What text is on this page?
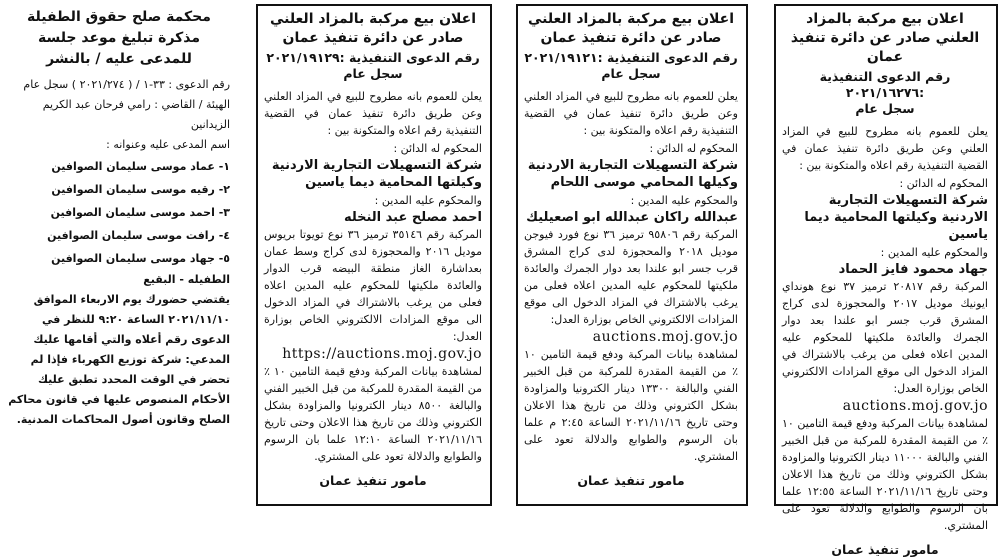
محكمة صلح حقوق الطفيلة
مذكرة تبليغ موعد جلسة
للمدعى عليه / بالنشر
رقم الدعوى : ٣٣-١ / ( ٢٠٢١/٢٧٤ ) سجل عام
الهيئة / القاضي : رامي فرحان عبد الكريم الزيدانين
اسم المدعى عليه وعنوانه :
١- عماد موسى سليمان الصوافين
٢- رقيه موسى سليمان الصوافين
٣- احمد موسى سليمان الصوافين
٤- رافت موسى سليمان الصوافين
٥- جهاد موسى سليمان الصوافين
الطفيله - البقيع
يقتضي حضورك يوم الاربعاء الموافق ٢٠٢١/١١/١٠ الساعة ٩:٢٠ للنظر في الدعوى رقم أعلاه والتي أقامها عليك المدعي: شركة توزيع الكهرباء فإذا لم تحضر في الوقت المحدد تطبق عليك الأحكام المنصوص عليها في قانون محاكم الصلح وقانون أصول المحاكمات المدنية.
اعلان بيع مركبة بالمزاد العلني صادر عن دائرة تنفيذ عمان
رقم الدعوى التنفيذية :٢٠٢١/١٩١٢٩
سجل عام

يعلن للعموم بانه مطروح للبيع في المزاد العلني وعن طريق دائرة تنفيذ عمان في القضية التنفيذية رقم اعلاه والمتكونة بين :

المحكوم له الدائن :
شركة التسهيلات التجارية الاردنية وكيلتها المحامية ديما ياسين
والمحكوم عليه المدين :
احمد مصلح عبد النخله

المركبة رقم ٣٥١٤٦ ترميز ٣٦ نوع تويوتا بريوس موديل ٢٠١٦ والمحجوزة لدى كراج وسط عمان بعداشارة الغاز منطقة البيضه قرب الدوار والعائدة ملكيتها للمحكوم عليه المدين اعلاه فعلى من يرغب بالاشتراك في المزاد الدخول الى موقع المزادات الالكتروني الخاص بوزارة العدل:

https://auctions.moj.gov.jo

لمشاهدة بيانات المركبة ودفع قيمة التامين ١٠ ٪ من القيمة المقدرة للمركبة من قبل الخبير الفني والبالغة ٨٥٠٠ دينار الكترونيا والمزاودة بشكل الكتروني وذلك من تاريخ هذا الاعلان وحتى تاريخ ٢٠٢١/١١/١٦ الساعة ١٢:١٠ علما بان الرسوم والطوابع والدلالة تعود على المشتري.

مامور تنفيذ عمان
اعلان بيع مركبة بالمزاد العلني صادر عن دائرة تنفيذ عمان
رقم الدعوى التنفيذية :٢٠٢١/١٩١٢١
سجل عام

يعلن للعموم بانه مطروح للبيع في المزاد العلني وعن طريق دائرة تنفيذ عمان في القضية التنفيذية رقم اعلاه والمتكونة بين :

المحكوم له الدائن :
شركة التسهيلات التجارية الاردنية وكيلها المحامي موسى اللحام
والمحكوم عليه المدين :
عبدالله راكان عبدالله ابو اصعيليك

المركبة رقم ٩٥٨٠٦ ترميز ٣٦ نوع فورد فيوجن موديل ٢٠١٨ والمحجوزة لدى كراج المشرق قرب جسر ابو علندا بعد دوار الجمرك والعائدة ملكيتها للمحكوم عليه المدين اعلاه فعلى من يرغب بالاشتراك في المزاد الدخول الى موقع المزادات الالكتروني الخاص بوزارة العدل:

auctions.moj.gov.jo

لمشاهدة بيانات المركبة ودفع قيمة التامين ١٠ ٪ من القيمة المقدرة للمركبة من قبل الخبير الفني والبالغة ١٣٣٠٠ دينار الكترونيا والمزاودة بشكل الكتروني وذلك من تاريخ هذا الاعلان وحتى تاريخ ٢٠٢١/١١/١٦ الساعة ٢:٤٥ م علما بان الرسوم والطوابع والدلالة تعود على المشتري.

مامور تنفيذ عمان
اعلان بيع مركبة بالمزاد العلني صادر عن دائرة تنفيذ عمان
رقم الدعوى التنفيذية :٢٠٢١/١٦٢٧٦
سجل عام

يعلن للعموم بانه مطروح للبيع في المزاد العلني وعن طريق دائرة تنفيذ عمان في القضية التنفيذية رقم اعلاه والمتكونة بين :

المحكوم له الدائن :
شركة التسهيلات التجارية الاردنية وكيلتها المحامية ديما ياسين
والمحكوم عليه المدين :
جهاد محمود فايز الحماد

المركبة رقم ٢٠٨١٧ ترميز ٣٧ نوع هونداي ايونيك موديل ٢٠١٧ والمحجوزة لدى كراج المشرق قرب جسر ابو علندا بعد دوار الجمرك والعائدة ملكيتها للمحكوم عليه المدين اعلاه فعلى من يرغب بالاشتراك في المزاد الدخول الى موقع المزادات الالكتروني الخاص بوزارة العدل:

auctions.moj.gov.jo

لمشاهدة بيانات المركبة ودفع قيمة التامين ١٠ ٪ من القيمة المقدرة للمركبة من قبل الخبير الفني والبالغة ١١٠٠٠ دينار الكترونيا والمزاودة بشكل الكتروني وذلك من تاريخ هذا الاعلان وحتى تاريخ ٢٠٢١/١١/١٦ الساعة ١٢:٥٥ علما بان الرسوم والطوابع والدلالة تعود على المشتري.

مامور تنفيذ عمان
